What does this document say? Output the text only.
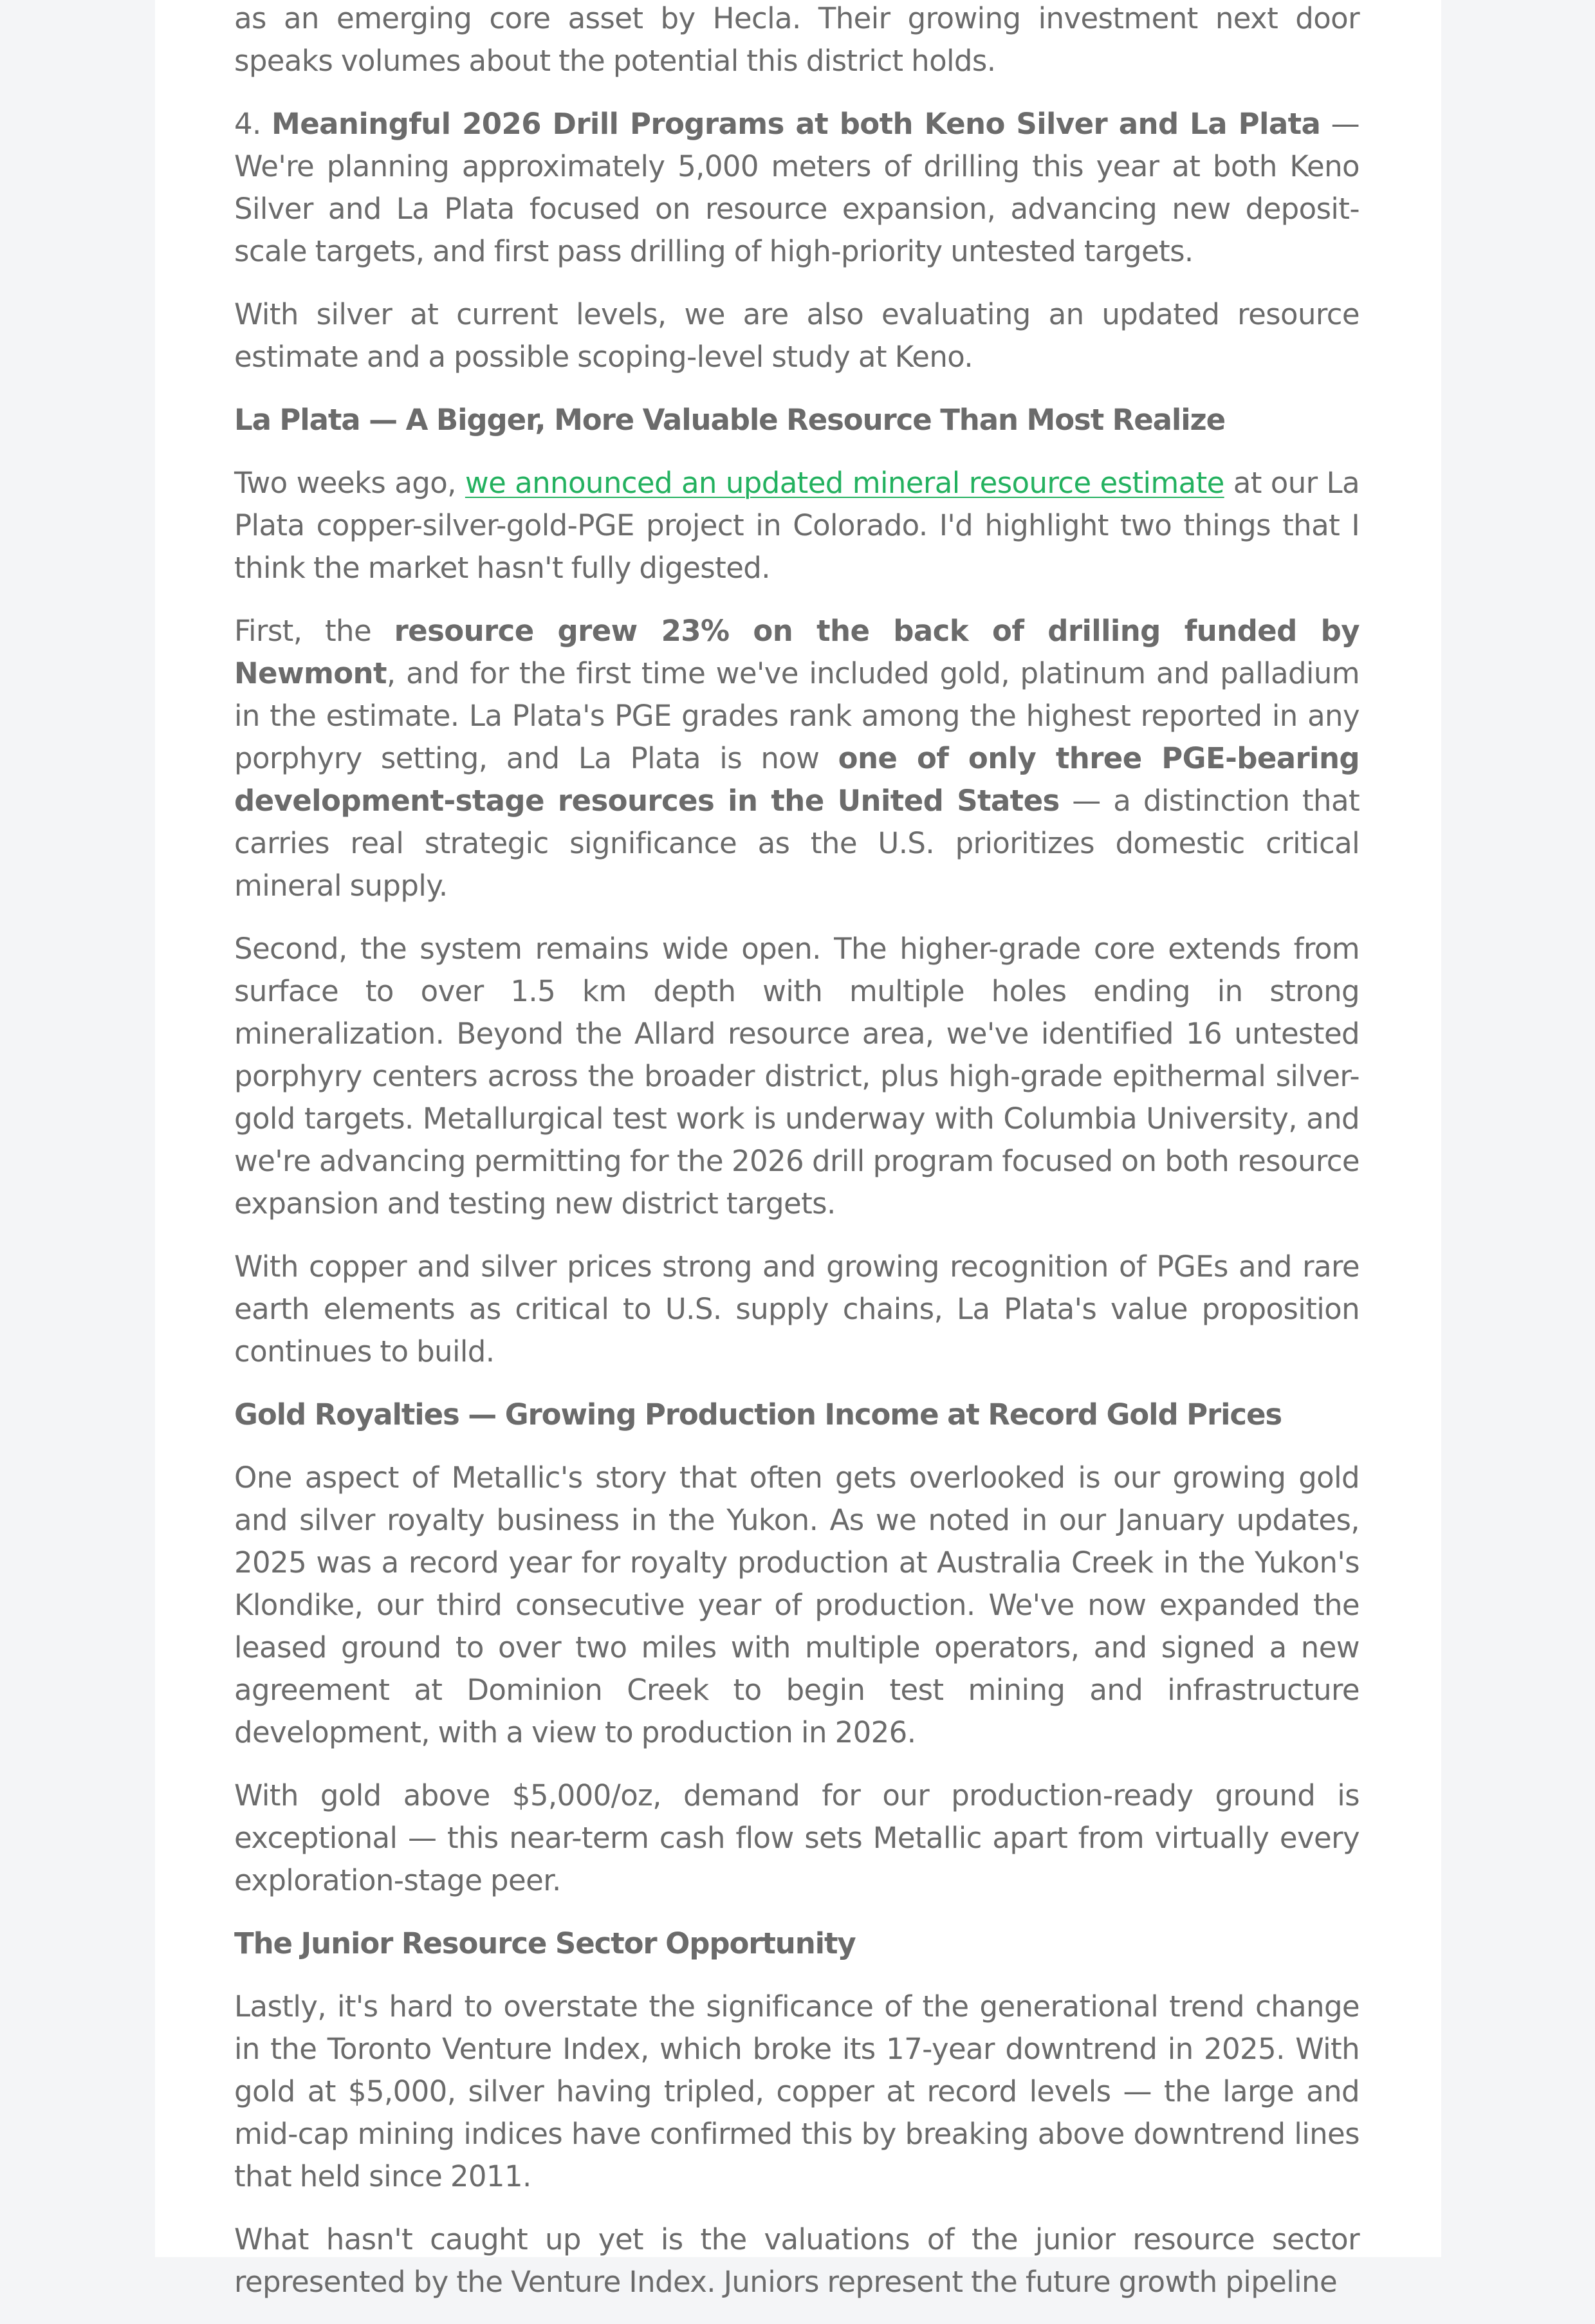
as an emerging core asset by Hecla. Their growing investment next door speaks volumes about the potential this district holds.

4. Meaningful 2026 Drill Programs at both Keno Silver and La Plata — We're planning approximately 5,000 meters of drilling this year at both Keno Silver and La Plata focused on resource expansion, advancing new deposit-scale targets, and first pass drilling of high-priority untested targets.

With silver at current levels, we are also evaluating an updated resource estimate and a possible scoping-level study at Keno.

La Plata — A Bigger, More Valuable Resource Than Most Realize

Two weeks ago, we announced an updated mineral resource estimate at our La Plata copper-silver-gold-PGE project in Colorado. I'd highlight two things that I think the market hasn't fully digested.

First, the resource grew 23% on the back of drilling funded by Newmont, and for the first time we've included gold, platinum and palladium in the estimate. La Plata's PGE grades rank among the highest reported in any porphyry setting, and La Plata is now one of only three PGE-bearing development-stage resources in the United States — a distinction that carries real strategic significance as the U.S. prioritizes domestic critical mineral supply.

Second, the system remains wide open. The higher-grade core extends from surface to over 1.5 km depth with multiple holes ending in strong mineralization. Beyond the Allard resource area, we've identified 16 untested porphyry centers across the broader district, plus high-grade epithermal silver-gold targets. Metallurgical test work is underway with Columbia University, and we're advancing permitting for the 2026 drill program focused on both resource expansion and testing new district targets.

With copper and silver prices strong and growing recognition of PGEs and rare earth elements as critical to U.S. supply chains, La Plata's value proposition continues to build.

Gold Royalties — Growing Production Income at Record Gold Prices

One aspect of Metallic's story that often gets overlooked is our growing gold and silver royalty business in the Yukon. As we noted in our January updates, 2025 was a record year for royalty production at Australia Creek in the Yukon's Klondike, our third consecutive year of production. We've now expanded the leased ground to over two miles with multiple operators, and signed a new agreement at Dominion Creek to begin test mining and infrastructure development, with a view to production in 2026.

With gold above $5,000/oz, demand for our production-ready ground is exceptional — this near-term cash flow sets Metallic apart from virtually every exploration-stage peer.

The Junior Resource Sector Opportunity

Lastly, it's hard to overstate the significance of the generational trend change in the Toronto Venture Index, which broke its 17-year downtrend in 2025. With gold at $5,000, silver having tripled, copper at record levels — the large and mid-cap mining indices have confirmed this by breaking above downtrend lines that held since 2011.

What hasn't caught up yet is the valuations of the junior resource sector represented by the Venture Index. Juniors represent the future growth pipeline
